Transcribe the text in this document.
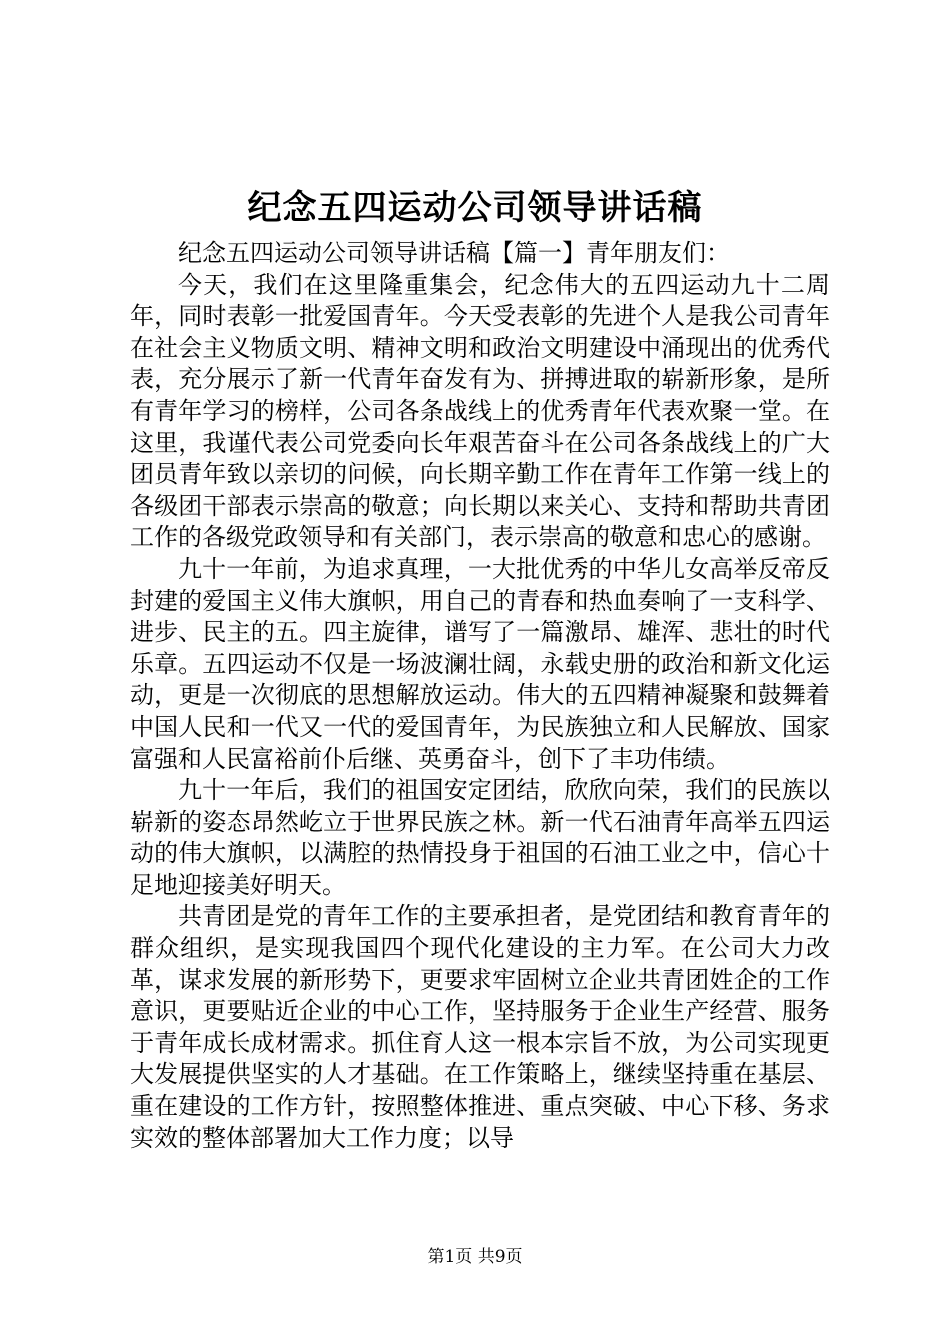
纪念五四运动公司领导讲话稿

纪念五四运动公司领导讲话稿【篇一】青年朋友们：

今天，我们在这里隆重集会，纪念伟大的五四运动九十二周年，同时表彰一批爱国青年。今天受表彰的先进个人是我公司青年在社会主义物质文明、精神文明和政治文明建设中涌现出的优秀代表，充分展示了新一代青年奋发有为、拼搏进取的崭新形象，是所有青年学习的榜样，公司各条战线上的优秀青年代表欢聚一堂。在这里，我谨代表公司党委向长年艰苦奋斗在公司各条战线上的广大团员青年致以亲切的问候，向长期辛勤工作在青年工作第一线上的各级团干部表示崇高的敬意；向长期以来关心、支持和帮助共青团工作的各级党政领导和有关部门，表示崇高的敬意和忠心的感谢。

九十一年前，为追求真理，一大批优秀的中华儿女高举反帝反封建的爱国主义伟大旗帜，用自己的青春和热血奏响了一支科学、进步、民主的五。四主旋律，谱写了一篇激昂、雄浑、悲壮的时代乐章。五四运动不仅是一场波澜壮阔，永载史册的政治和新文化运动，更是一次彻底的思想解放运动。伟大的五四精神凝聚和鼓舞着中国人民和一代又一代的爱国青年，为民族独立和人民解放、国家富强和人民富裕前仆后继、英勇奋斗，创下了丰功伟绩。

九十一年后，我们的祖国安定团结，欣欣向荣，我们的民族以崭新的姿态昂然屹立于世界民族之林。新一代石油青年高举五四运动的伟大旗帜，以满腔的热情投身于祖国的石油工业之中，信心十足地迎接美好明天。

共青团是党的青年工作的主要承担者，是党团结和教育青年的群众组织，是实现我国四个现代化建设的主力军。在公司大力改革，谋求发展的新形势下，更要求牢固树立企业共青团姓企的工作意识，更要贴近企业的中心工作，坚持服务于企业生产经营、服务于青年成长成材需求。抓住育人这一根本宗旨不放，为公司实现更大发展提供坚实的人才基础。在工作策略上，继续坚持重在基层、重在建设的工作方针，按照整体推进、重点突破、中心下移、务求实效的整体部署加大工作力度；以导

第1页 共9页
